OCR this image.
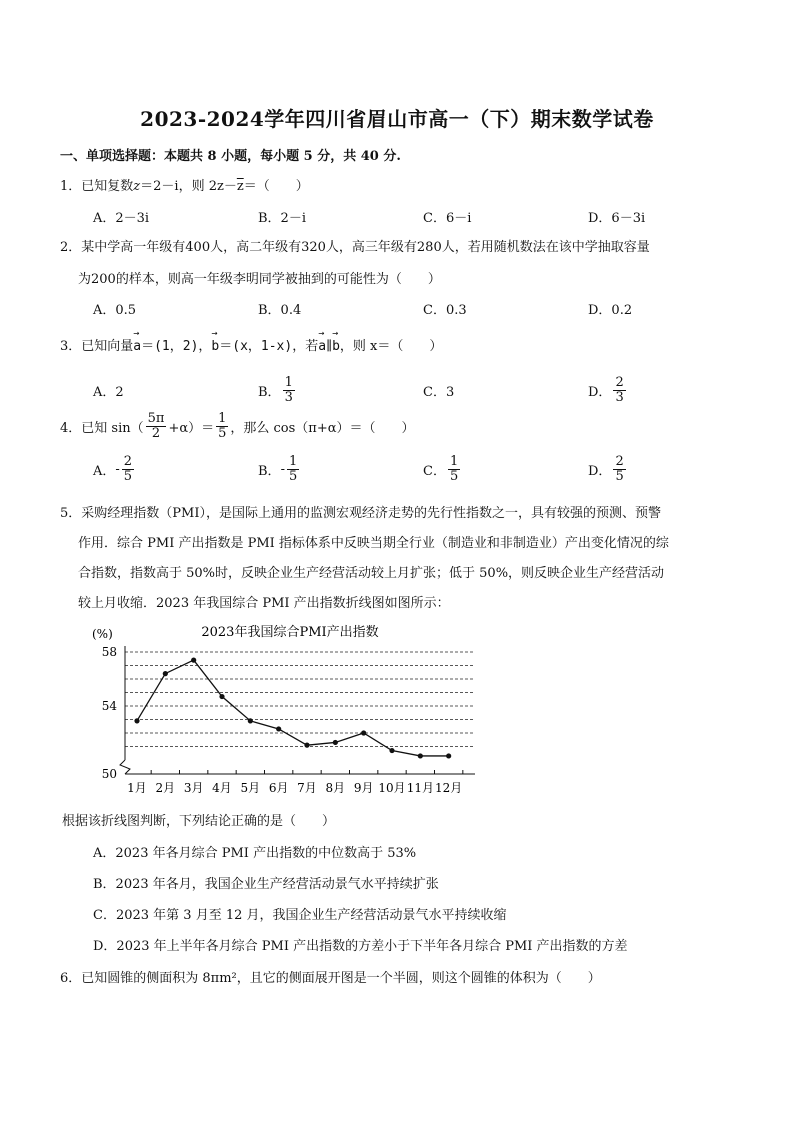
2023-2024学年四川省眉山市高一（下）期末数学试卷
一、单项选择题：本题共 8 小题，每小题 5 分，共 40 分.
1．已知复数z＝2－i，则 $2z-\overline{z}=$（　　）
A．2－3i	B．2－i	C．6－i	D．6－3i
2．某中学高一年级有400人，高二年级有320人，高三年级有280人，若用随机数法在该中学抽取容量
为200的样本，则高一年级李明同学被抽到的可能性为（　　）
A．0.5	B．0.4	C．0.3	D．0.2
3．已知向量→ a＝(1，2)，→ b＝(x，1-x)，若→ a∥→ b，则 x＝（　　）
A．2	B． $\frac{1}{3}$	C．3	D． $\frac{2}{3}$
4．已知 $\sin( \frac{5\pi}{2} +\alpha)= \frac{1}{5}$ ，那么 cos（π+α）＝（　　）
A． - $\frac{2}{5}$	B． - $\frac{1}{5}$	C． $\frac{1}{5}$	D． $\frac{2}{5}$
5．采购经理指数（PMI），是国际上通用的监测宏观经济走势的先行性指数之一，具有较强的预测、预警
作用．综合 PMI 产出指数是 PMI 指标体系中反映当期全行业（制造业和非制造业）产出变化情况的综
合指数，指数高于 50%时，反映企业生产经营活动较上月扩张；低于 50%，则反映企业生产经营活动
较上月收缩．2023 年我国综合 PMI 产出指数折线图如图所示：
2023年我国综合PMI产出指数
(%)
50
54
58
1月 2月 3月 4月 5月 6月 7月 8月 9月 10月 11月 12月
根据该折线图判断，下列结论正确的是（　　）
A．2023 年各月综合 PMI 产出指数的中位数高于 53%
B．2023 年各月，我国企业生产经营活动景气水平持续扩张
C．2023 年第 3 月至 12 月，我国企业生产经营活动景气水平持续收缩
D．2023 年上半年各月综合 PMI 产出指数的方差小于下半年各月综合 PMI 产出指数的方差
6．已知圆锥的侧面积为 8πm²，且它的侧面展开图是一个半圆，则这个圆锥的体积为（　　）
